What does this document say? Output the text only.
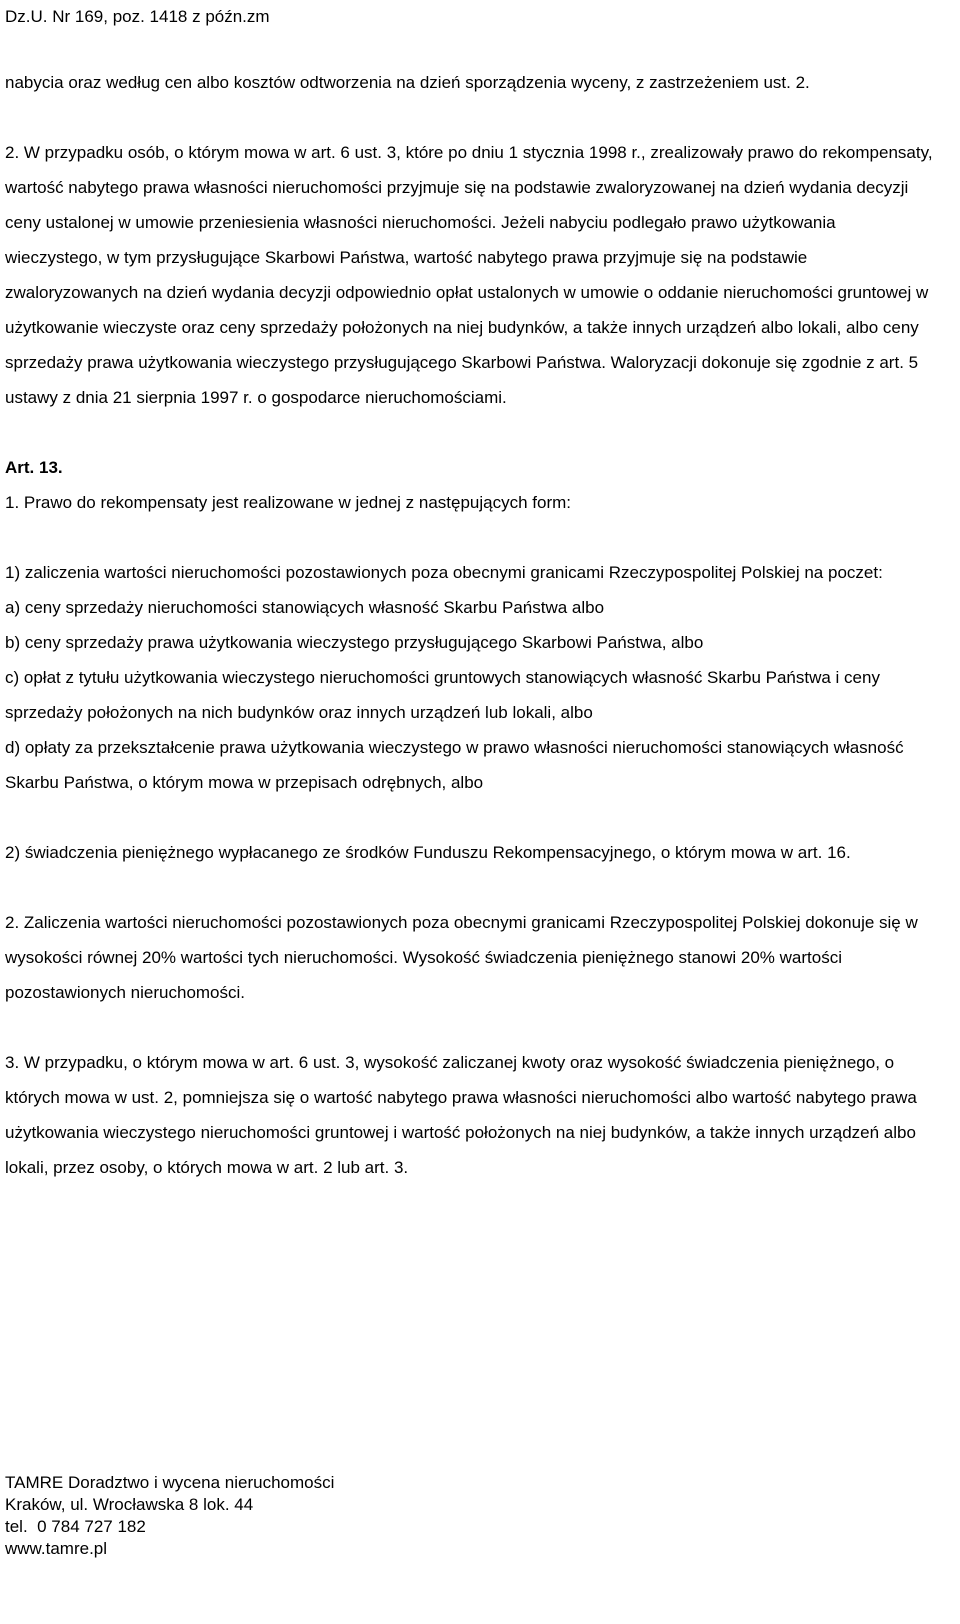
Dz.U. Nr 169, poz. 1418 z późn.zm

nabycia oraz według cen albo kosztów odtworzenia na dzień sporządzenia wyceny, z zastrzeżeniem ust. 2.

2. W przypadku osób, o którym mowa w art. 6 ust. 3, które po dniu 1 stycznia 1998 r., zrealizowały prawo do rekompensaty, wartość nabytego prawa własności nieruchomości przyjmuje się na podstawie zwaloryzowanej na dzień wydania decyzji ceny ustalonej w umowie przeniesienia własności nieruchomości. Jeżeli nabyciu podlegało prawo użytkowania wieczystego, w tym przysługujące Skarbowi Państwa, wartość nabytego prawa przyjmuje się na podstawie zwaloryzowanych na dzień wydania decyzji odpowiednio opłat ustalonych w umowie o oddanie nieruchomości gruntowej w użytkowanie wieczyste oraz ceny sprzedaży położonych na niej budynków, a także innych urządzeń albo lokali, albo ceny sprzedaży prawa użytkowania wieczystego przysługującego Skarbowi Państwa. Waloryzacji dokonuje się zgodnie z art. 5 ustawy z dnia 21 sierpnia 1997 r. o gospodarce nieruchomościami.

Art. 13.

1. Prawo do rekompensaty jest realizowane w jednej z następujących form:

1) zaliczenia wartości nieruchomości pozostawionych poza obecnymi granicami Rzeczypospolitej Polskiej na poczet:

a) ceny sprzedaży nieruchomości stanowiących własność Skarbu Państwa albo

b) ceny sprzedaży prawa użytkowania wieczystego przysługującego Skarbowi Państwa, albo

c) opłat z tytułu użytkowania wieczystego nieruchomości gruntowych stanowiących własność Skarbu Państwa i ceny sprzedaży położonych na nich budynków oraz innych urządzeń lub lokali, albo

d) opłaty za przekształcenie prawa użytkowania wieczystego w prawo własności nieruchomości stanowiących własność Skarbu Państwa, o którym mowa w przepisach odrębnych, albo

2) świadczenia pieniężnego wypłacanego ze środków Funduszu Rekompensacyjnego, o którym mowa w art. 16.

2. Zaliczenia wartości nieruchomości pozostawionych poza obecnymi granicami Rzeczypospolitej Polskiej dokonuje się w wysokości równej 20% wartości tych nieruchomości. Wysokość świadczenia pieniężnego stanowi 20% wartości pozostawionych nieruchomości.

3. W przypadku, o którym mowa w art. 6 ust. 3, wysokość zaliczanej kwoty oraz wysokość świadczenia pieniężnego, o których mowa w ust. 2, pomniejsza się o wartość nabytego prawa własności nieruchomości albo wartość nabytego prawa użytkowania wieczystego nieruchomości gruntowej i wartość położonych na niej budynków, a także innych urządzeń albo lokali, przez osoby, o których mowa w art. 2 lub art. 3.

TAMRE Doradztwo i wycena nieruchomości
Kraków, ul. Wrocławska 8 lok. 44
tel.  0 784 727 182
www.tamre.pl
